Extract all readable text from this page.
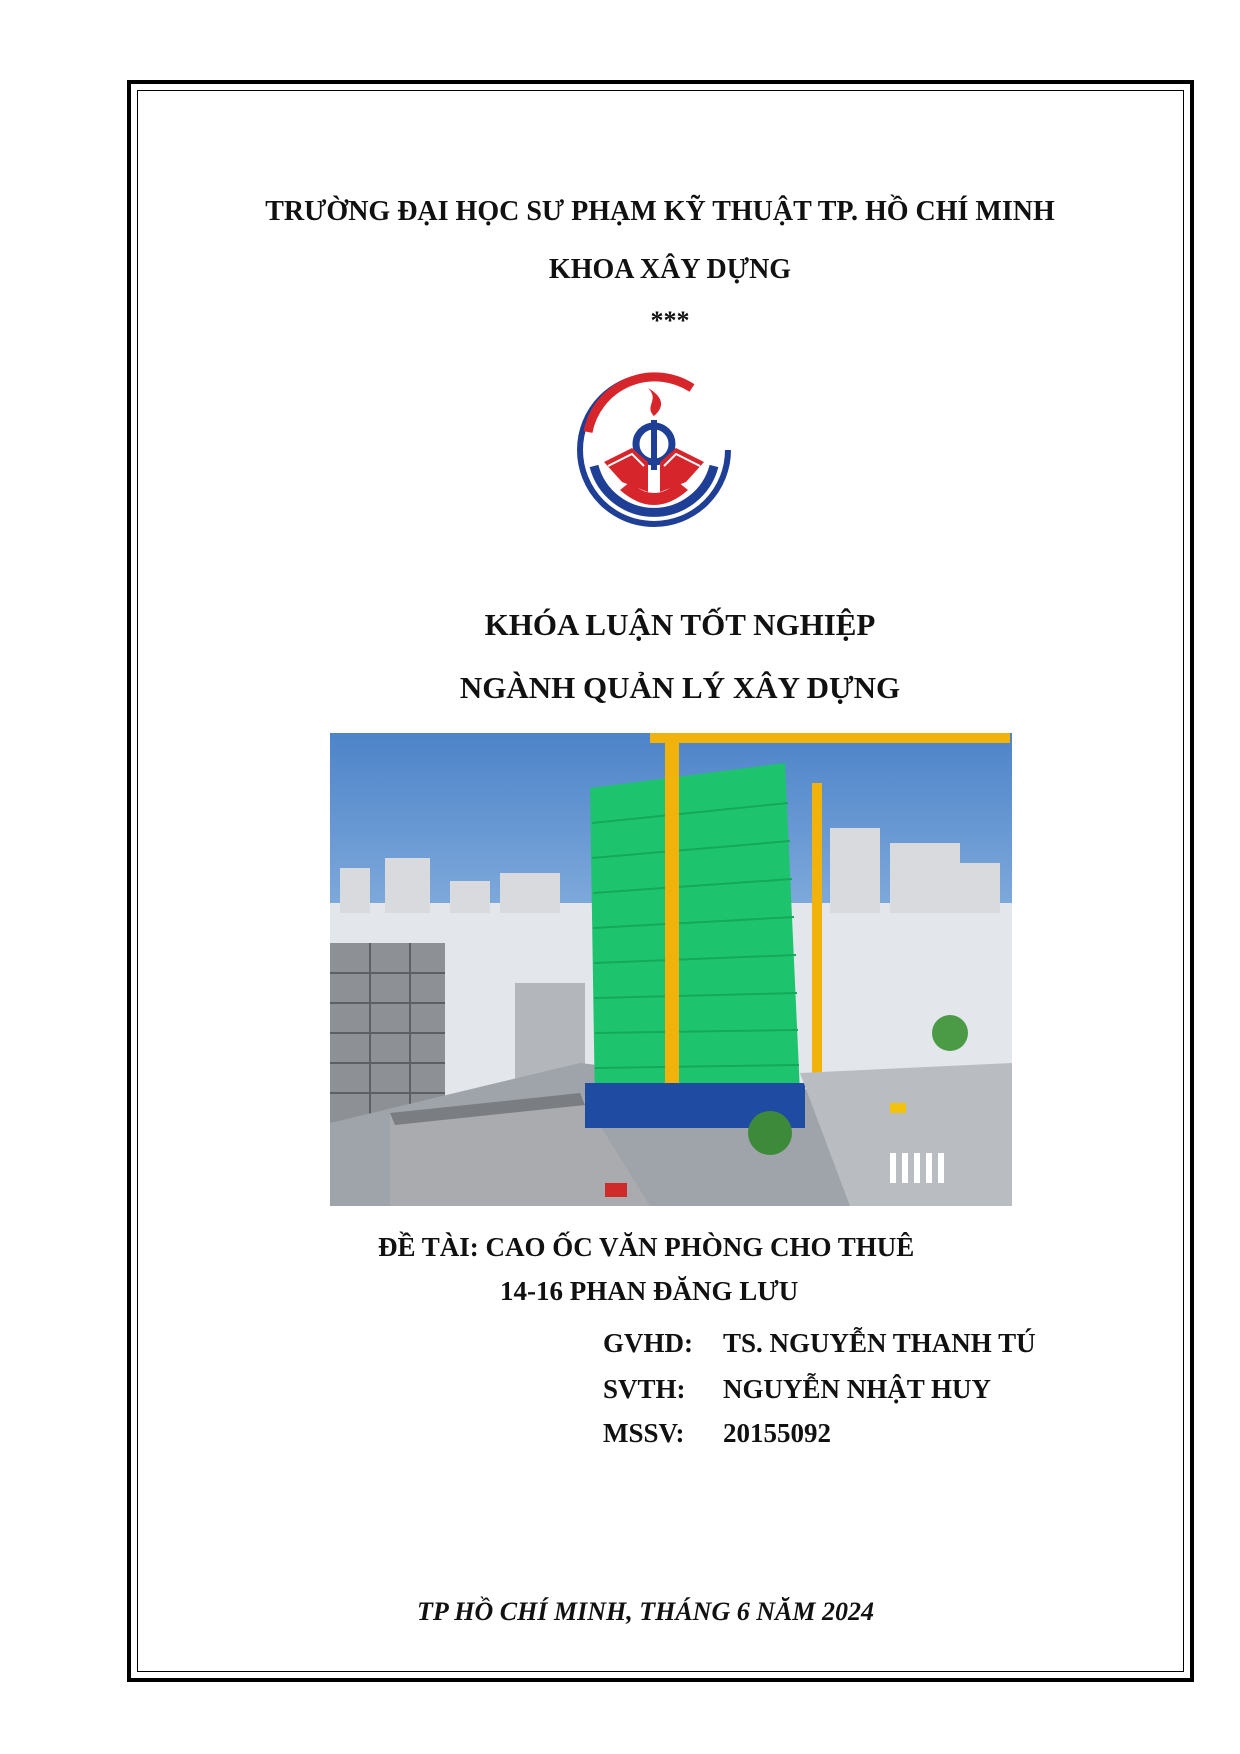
TRƯỜNG ĐẠI HỌC SƯ PHẠM KỸ THUẬT TP. HỒ CHÍ MINH
KHOA XÂY DỰNG
***
KHÓA LUẬN TỐT NGHIỆP
NGÀNH QUẢN LÝ XÂY DỰNG
ĐỀ TÀI: CAO ỐC VĂN PHÒNG CHO THUÊ
14-16 PHAN ĐĂNG LƯU
GVHD: TS. NGUYỄN THANH TÚ
SVTH: NGUYỄN NHẬT HUY
MSSV: 20155092
TP HỒ CHÍ MINH, THÁNG 6 NĂM 2024
